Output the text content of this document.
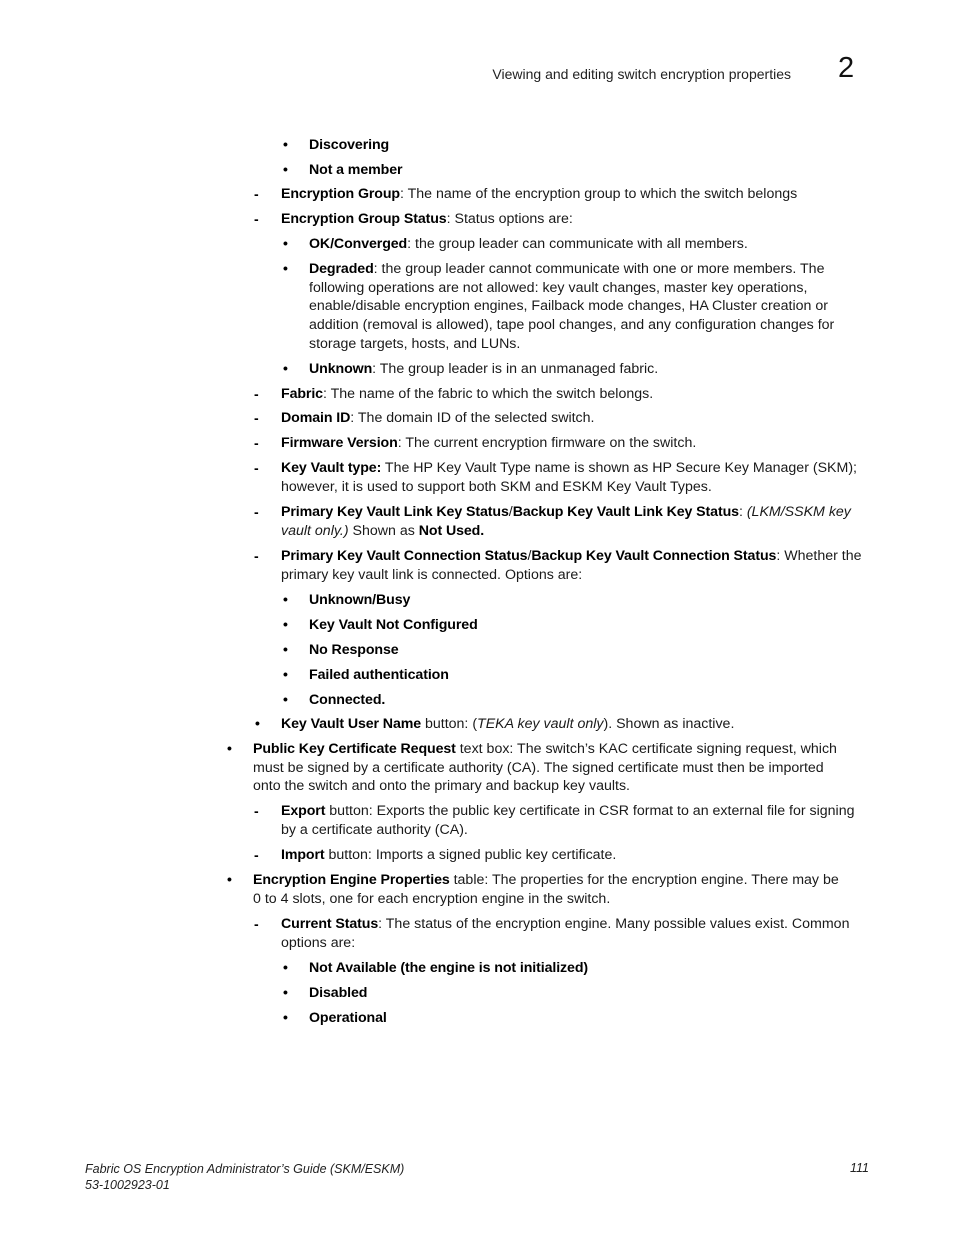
Viewing and editing switch encryption properties 2
• Discovering
• Not a member
- Encryption Group: The name of the encryption group to which the switch belongs
- Encryption Group Status: Status options are:
• OK/Converged: the group leader can communicate with all members.
• Degraded: the group leader cannot communicate with one or more members. The
following operations are not allowed: key vault changes, master key operations,
enable/disable encryption engines, Failback mode changes, HA Cluster creation or
addition (removal is allowed), tape pool changes, and any configuration changes for
storage targets, hosts, and LUNs.
• Unknown: The group leader is in an unmanaged fabric.
- Fabric: The name of the fabric to which the switch belongs.
- Domain ID: The domain ID of the selected switch.
- Firmware Version: The current encryption firmware on the switch.
- Key Vault type: The HP Key Vault Type name is shown as HP Secure Key Manager (SKM);
however, it is used to support both SKM and ESKM Key Vault Types.
- Primary Key Vault Link Key Status/Backup Key Vault Link Key Status: (LKM/SSKM key
vault only.) Shown as Not Used.
- Primary Key Vault Connection Status/Backup Key Vault Connection Status: Whether the
primary key vault link is connected. Options are:
• Unknown/Busy
• Key Vault Not Configured
• No Response
• Failed authentication
• Connected.
• Key Vault User Name button: (TEKA key vault only). Shown as inactive.
• Public Key Certificate Request text box: The switch’s KAC certificate signing request, which
must be signed by a certificate authority (CA). The signed certificate must then be imported
onto the switch and onto the primary and backup key vaults.
- Export button: Exports the public key certificate in CSR format to an external file for signing
by a certificate authority (CA).
- Import button: Imports a signed public key certificate.
• Encryption Engine Properties table: The properties for the encryption engine. There may be
0 to 4 slots, one for each encryption engine in the switch.
- Current Status: The status of the encryption engine. Many possible values exist. Common
options are:
• Not Available (the engine is not initialized)
• Disabled
• Operational
Fabric OS Encryption Administrator’s Guide (SKM/ESKM)
53-1002923-01
111
